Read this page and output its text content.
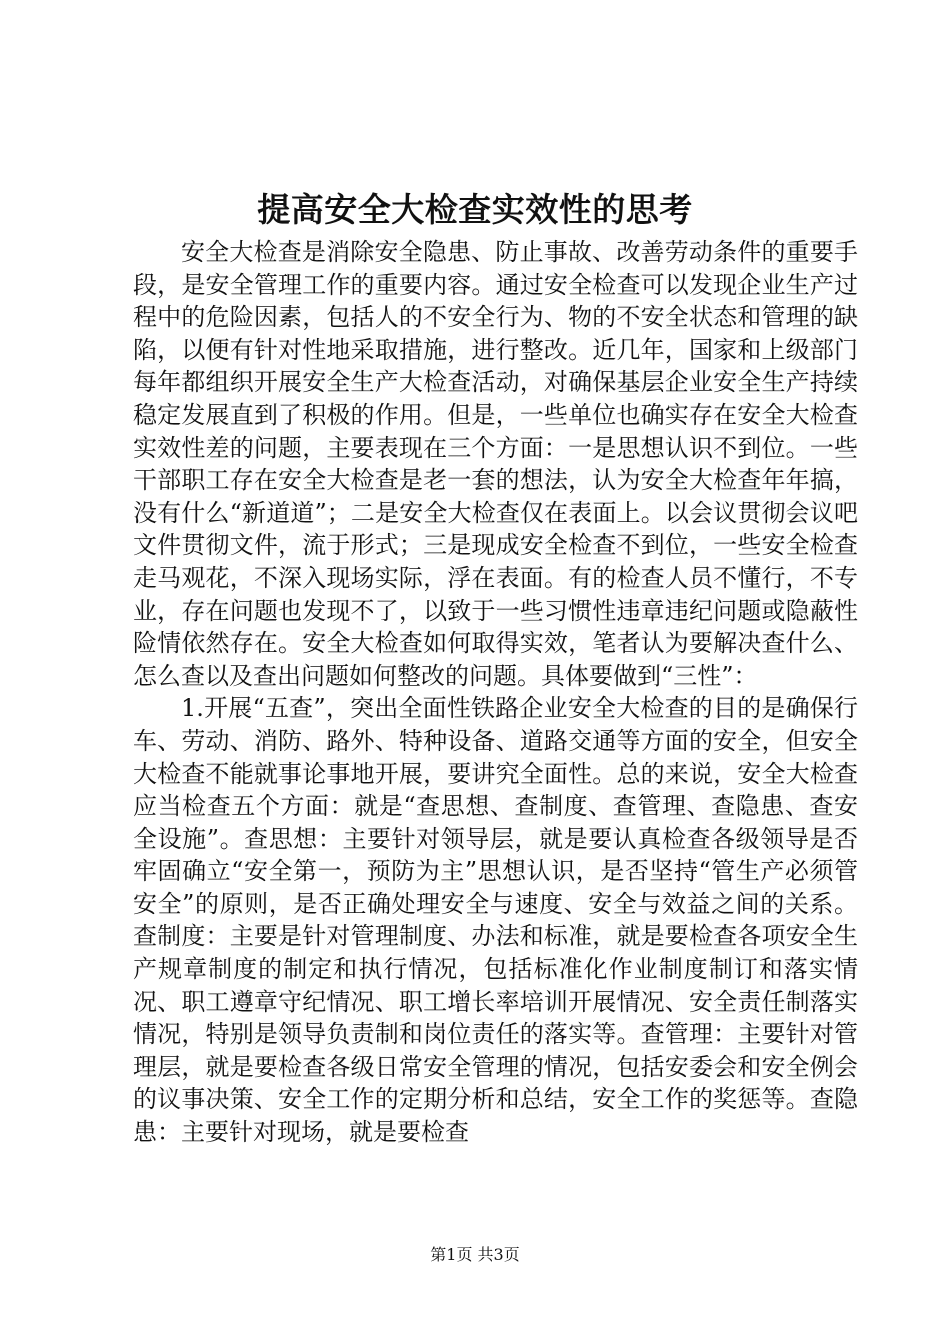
提高安全大检查实效性的思考

安全大检查是消除安全隐患、防止事故、改善劳动条件的重要手段，是安全管理工作的重要内容。通过安全检查可以发现企业生产过程中的危险因素，包括人的不安全行为、物的不安全状态和管理的缺陷，以便有针对性地采取措施，进行整改。近几年，国家和上级部门每年都组织开展安全生产大检查活动，对确保基层企业安全生产持续稳定发展直到了积极的作用。但是，一些单位也确实存在安全大检查实效性差的问题，主要表现在三个方面：一是思想认识不到位。一些干部职工存在安全大检查是老一套的想法，认为安全大检查年年搞，没有什么“新道道”；二是安全大检查仅在表面上。以会议贯彻会议吧文件贯彻文件，流于形式；三是现成安全检查不到位，一些安全检查走马观花，不深入现场实际，浮在表面。有的检查人员不懂行，不专业，存在问题也发现不了，以致于一些习惯性违章违纪问题或隐蔽性险情依然存在。安全大检查如何取得实效，笔者认为要解决查什么、怎么查以及查出问题如何整改的问题。具体要做到“三性”：

1.开展“五查”，突出全面性铁路企业安全大检查的目的是确保行车、劳动、消防、路外、特种设备、道路交通等方面的安全，但安全大检查不能就事论事地开展，要讲究全面性。总的来说，安全大检查应当检查五个方面：就是“查思想、查制度、查管理、查隐患、查安全设施”。查思想：主要针对领导层，就是要认真检查各级领导是否牢固确立“安全第一，预防为主”思想认识，是否坚持“管生产必须管安全”的原则，是否正确处理安全与速度、安全与效益之间的关系。查制度：主要是针对管理制度、办法和标准，就是要检查各项安全生产规章制度的制定和执行情况，包括标准化作业制度制订和落实情况、职工遵章守纪情况、职工增长率培训开展情况、安全责任制落实情况，特别是领导负责制和岗位责任的落实等。查管理：主要针对管理层，就是要检查各级日常安全管理的情况，包括安委会和安全例会的议事决策、安全工作的定期分析和总结，安全工作的奖惩等。查隐患：主要针对现场，就是要检查

第1页 共3页
